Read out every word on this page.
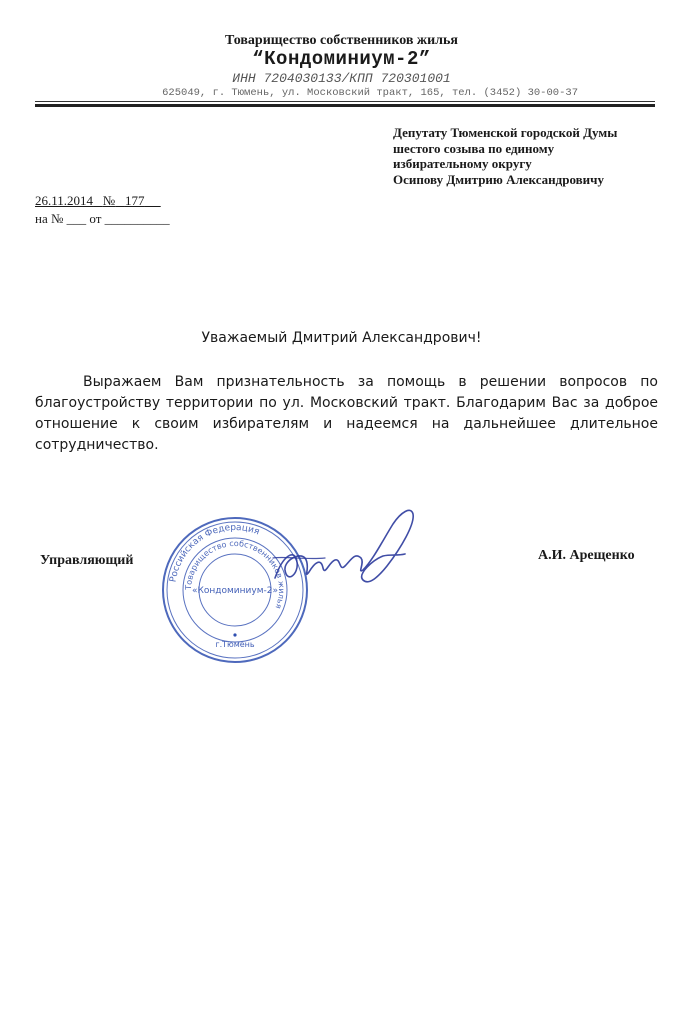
Товарищество собственников жилья
“Кондоминиум-2”
ИНН 7204030133/КПП 720301001
625049, г. Тюмень, ул. Московский тракт, 165, тел. (3452) 30-00-37
Депутату Тюменской городской Думы
шестого созыва по единому
избирательному округу
Осипову Дмитрию Александровичу
26.11.2014 № 177
на № ___ от __________
Уважаемый Дмитрий Александрович!
Выражаем Вам признательность за помощь в решении вопросов по благоустройству территории по ул. Московский тракт. Благодарим Вас за доброе отношение к своим избирателям и надеемся на дальнейшее длительное сотрудничество.
Управляющий
Российская Федерация
Товарищество собственников жилья
«Кондоминиум-2»
г.Тюмень
А.И. Арещенко
